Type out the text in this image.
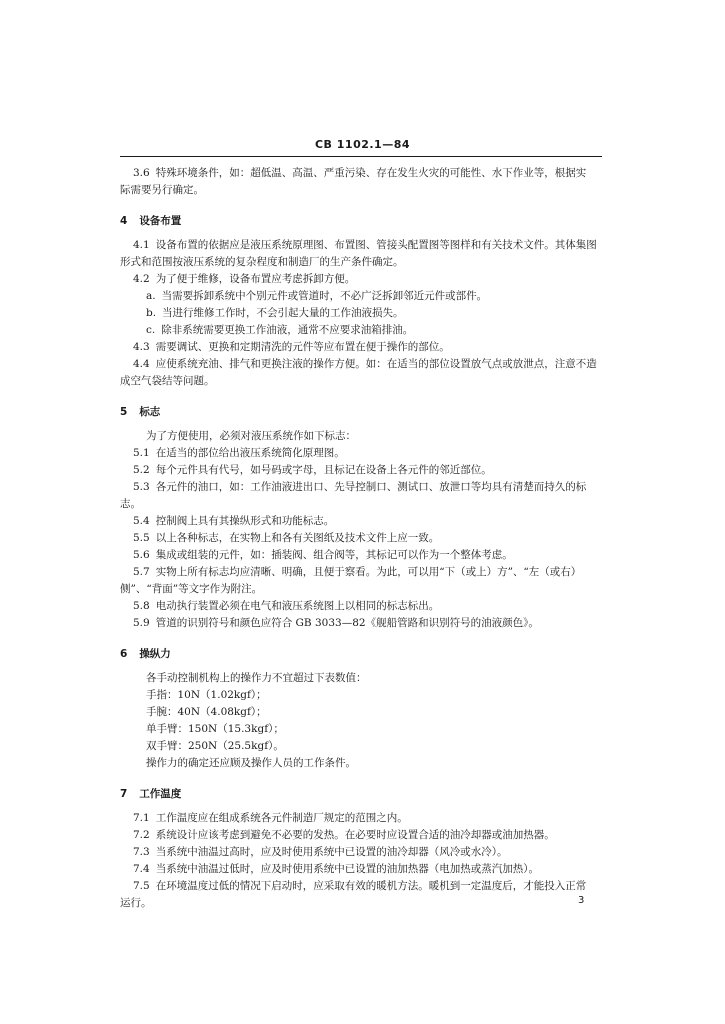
CB 1102.1—84

3.6 特殊环境条件，如：超低温、高温、严重污染、存在发生火灾的可能性、水下作业等，根据实

际需要另行确定。

4 设备布置

4.1 设备布置的依据应是液压系统原理图、布置图、管接头配置图等图样和有关技术文件。其体集图

形式和范围按液压系统的复杂程度和制造厂的生产条件确定。

4.2 为了便于维修，设备布置应考虑拆卸方便。

a. 当需要拆卸系统中个别元件或管道时，不必广泛拆卸邻近元件或部件。

b. 当进行维修工作时，不会引起大量的工作油液损失。

c. 除非系统需要更换工作油液，通常不应要求油箱排油。

4.3 需要调试、更换和定期清洗的元件等应布置在便于操作的部位。

4.4 应使系统充油、排气和更换注液的操作方便。如：在适当的部位设置放气点或放泄点，注意不造

成空气袋结等问题。

5 标志

为了方便使用，必须对液压系统作如下标志：

5.1 在适当的部位给出液压系统简化原理图。

5.2 每个元件具有代号，如号码或字母，且标记在设备上各元件的邻近部位。

5.3 各元件的油口，如：工作油液进出口、先导控制口、测试口、放泄口等均具有清楚而持久的标

志。

5.4 控制阀上具有其操纵形式和功能标志。

5.5 以上各种标志，在实物上和各有关图纸及技术文件上应一致。

5.6 集成或组装的元件，如：插装阀、组合阀等，其标记可以作为一个整体考虑。

5.7 实物上所有标志均应清晰、明确，且便于察看。为此，可以用“下（或上）方”、“左（或右）

侧”、“背面”等文字作为附注。

5.8 电动执行装置必须在电气和液压系统图上以相同的标志标出。

5.9 管道的识别符号和颜色应符合 GB 3033—82《舰船管路和识别符号的油液颜色》。

6 操纵力

各手动控制机构上的操作力不宜超过下表数值：

手指：10N（1.02kgf）；

手腕：40N（4.08kgf）；

单手臂：150N（15.3kgf）；

双手臂：250N（25.5kgf）。

操作力的确定还应顾及操作人员的工作条件。

7 工作温度

7.1 工作温度应在组成系统各元件制造厂规定的范围之内。

7.2 系统设计应该考虑到避免不必要的发热。在必要时应设置合适的油冷却器或油加热器。

7.3 当系统中油温过高时，应及时使用系统中已设置的油冷却器（风冷或水冷）。

7.4 当系统中油温过低时，应及时使用系统中已设置的油加热器（电加热或蒸汽加热）。

7.5 在环境温度过低的情况下启动时，应采取有效的暖机方法。暖机到一定温度后，才能投入正常

运行。	3
